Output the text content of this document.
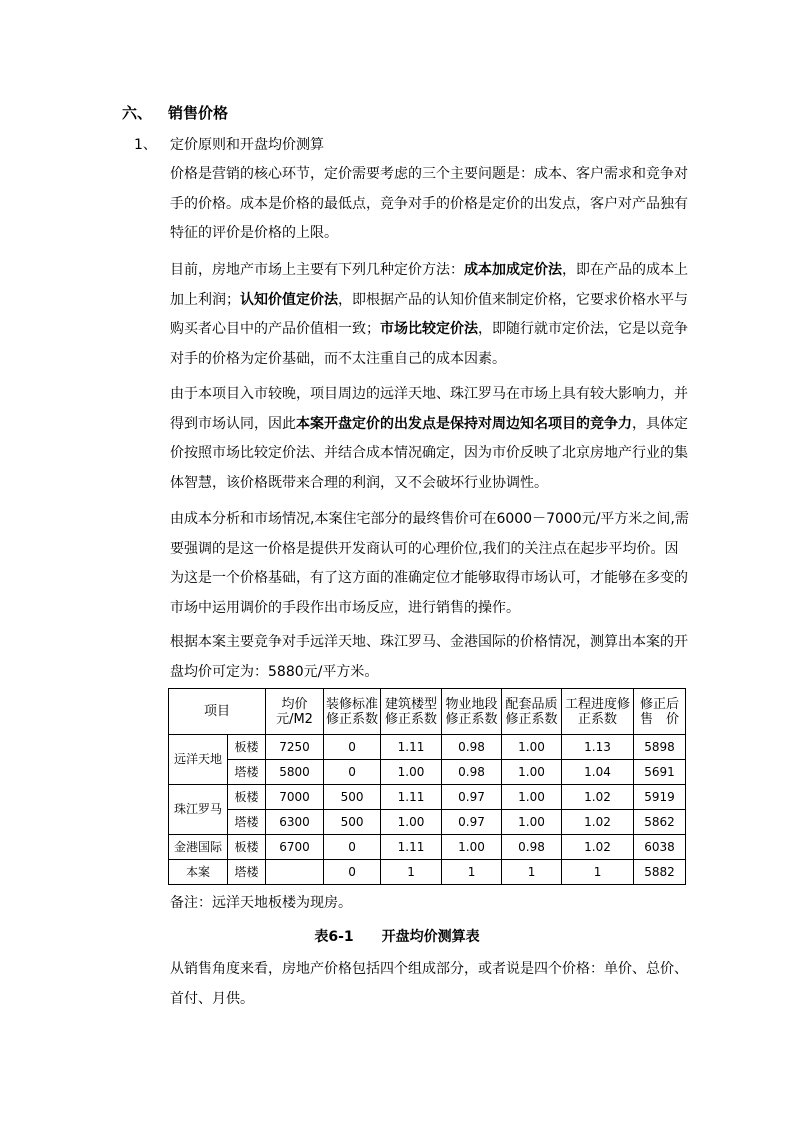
六、 销售价格
1、 定价原则和开盘均价测算

价格是营销的核心环节，定价需要考虑的三个主要问题是：成本、客户需求和竞争对手的价格。成本是价格的最低点，竞争对手的价格是定价的出发点，客户对产品独有特征的评价是价格的上限。

目前，房地产市场上主要有下列几种定价方法：成本加成定价法，即在产品的成本上加上利润；认知价值定价法，即根据产品的认知价值来制定价格，它要求价格水平与购买者心目中的产品价值相一致；市场比较定价法，即随行就市定价法，它是以竞争对手的价格为定价基础，而不太注重自己的成本因素。

由于本项目入市较晚，项目周边的远洋天地、珠江罗马在市场上具有较大影响力，并得到市场认同，因此本案开盘定价的出发点是保持对周边知名项目的竞争力，具体定价按照市场比较定价法、并结合成本情况确定，因为市价反映了北京房地产行业的集体智慧，该价格既带来合理的利润，又不会破坏行业协调性。

由成本分析和市场情况,本案住宅部分的最终售价可在6000－7000元/平方米之间,需要强调的是这一价格是提供开发商认可的心理价位,我们的关注点在起步平均价。因为这是一个价格基础，有了这方面的准确定位才能够取得市场认可，才能够在多变的市场中运用调价的手段作出市场反应，进行销售的操作。

根据本案主要竞争对手远洋天地、珠江罗马、金港国际的价格情况，测算出本案的开盘均价可定为：5880元/平方米。

项目		均价元/M2	装修标准修正系数	建筑楼型修正系数	物业地段修正系数	配套品质修正系数	工程进度修正系数	修正后售　价
远洋天地	板楼	7250	0	1.11	0.98	1.00	1.13	5898
	塔楼	5800	0	1.00	0.98	1.00	1.04	5691
珠江罗马	板楼	7000	500	1.11	0.97	1.00	1.02	5919
	塔楼	6300	500	1.00	0.97	1.00	1.02	5862
金港国际	板楼	6700	0	1.11	1.00	0.98	1.02	6038
本案	塔楼		0	1	1	1	1	5882
备注：远洋天地板楼为现房。
表6-1 开盘均价测算表

从销售角度来看，房地产价格包括四个组成部分，或者说是四个价格：单价、总价、首付、月供。
